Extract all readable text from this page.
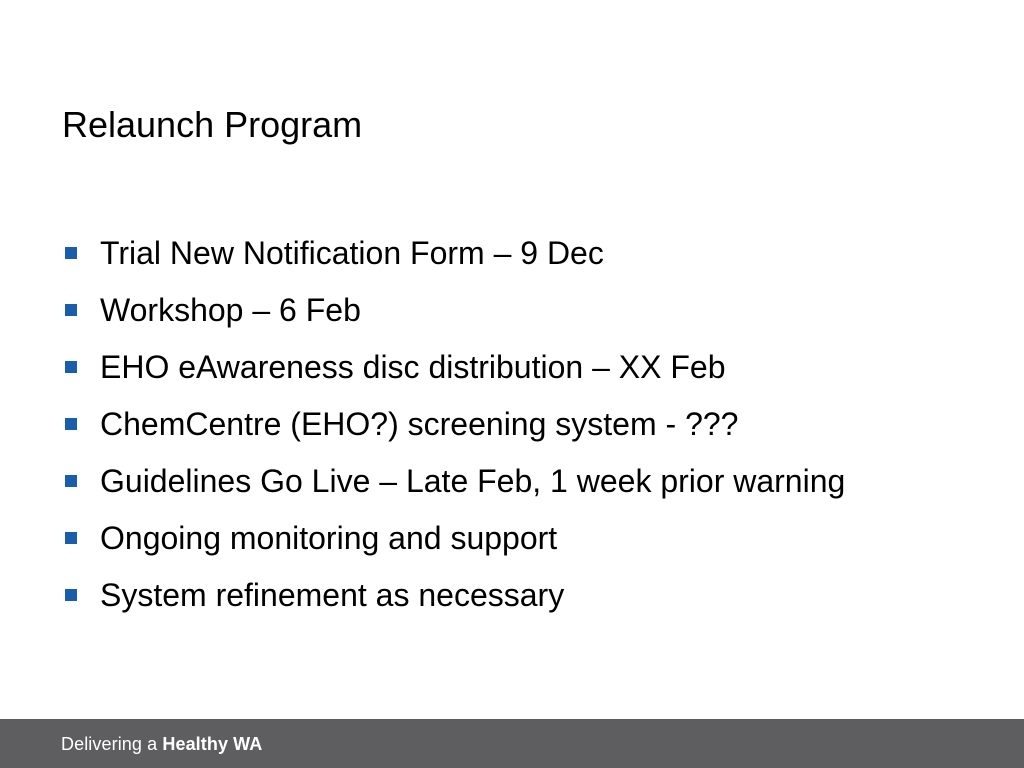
Relaunch Program
Trial New Notification Form – 9 Dec
Workshop – 6 Feb
EHO eAwareness disc distribution – XX Feb
ChemCentre (EHO?) screening system - ???
Guidelines Go Live – Late Feb, 1 week prior warning
Ongoing monitoring and support
System refinement as necessary
Delivering a Healthy WA
